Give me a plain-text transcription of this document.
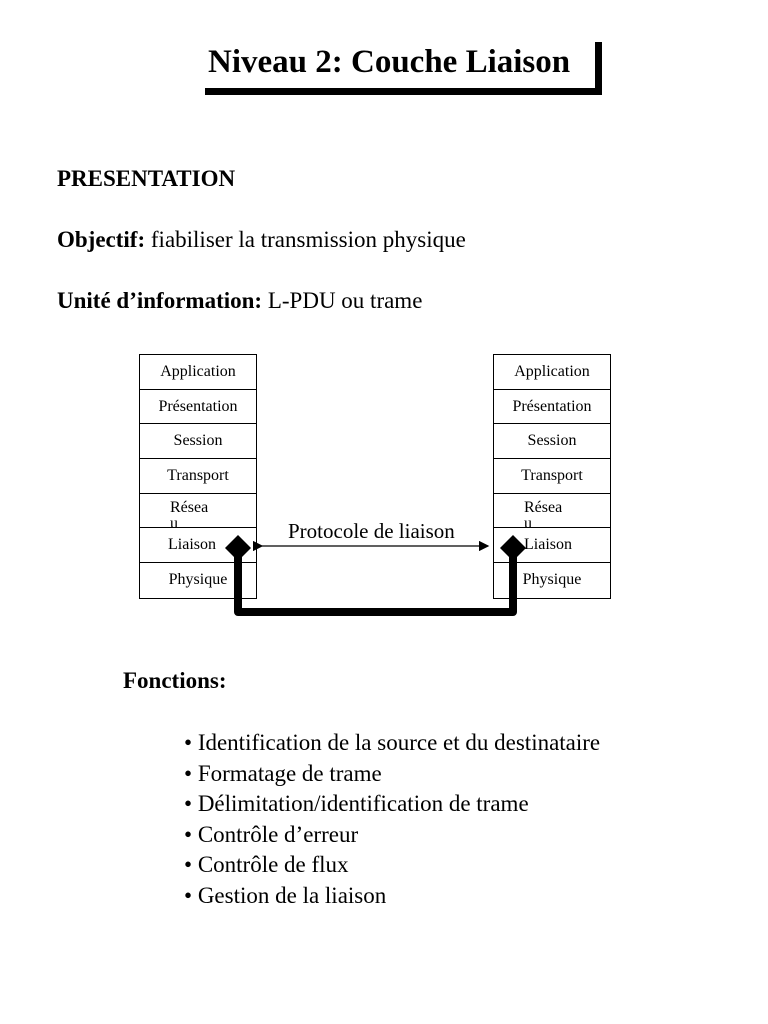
Niveau 2: Couche Liaison
PRESENTATION
Objectif: fiabiliser la transmission physique
Unité d’information: L-PDU ou trame
Application
Présentation
Session
Transport
Réseau
Liaison
Physique
Application
Présentation
Session
Transport
Réseau
Liaison
Physique
Protocole de liaison
Fonctions:
• Identification de la source et du destinataire
• Formatage de trame
• Délimitation/identification de trame
• Contrôle d’erreur
• Contrôle de flux
• Gestion de la liaison
